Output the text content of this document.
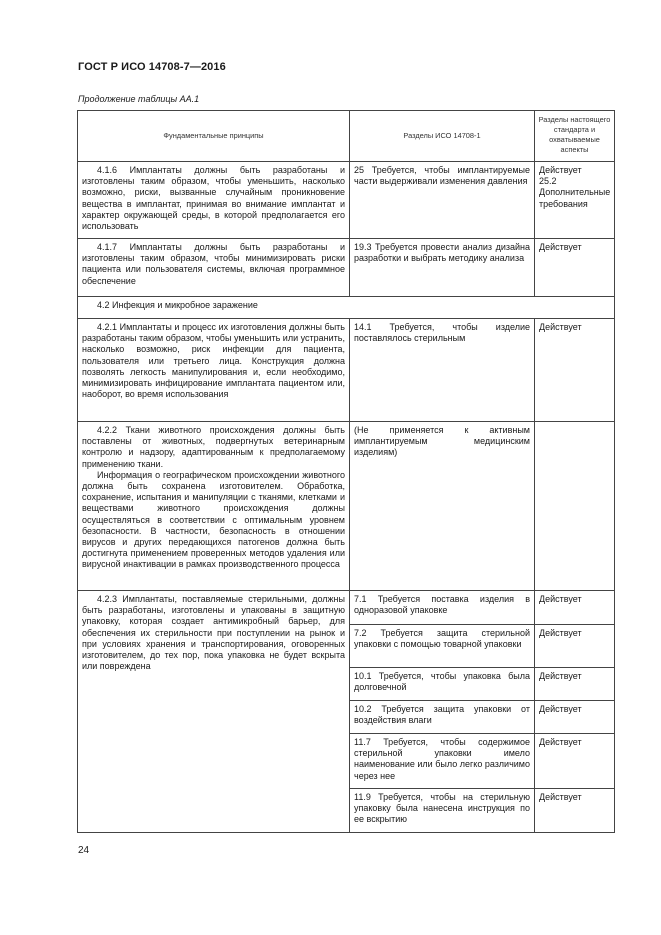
ГОСТ Р ИСО 14708-7—2016
Продолжение таблицы АА.1
Фундаментальные принципы	Разделы ИСО 14708-1	Разделы настоящего стандарта и охватываемые аспекты
4.1.6 Имплантаты должны быть разработаны и изготовлены таким образом, чтобы уменьшить, насколько возможно, риски, вызванные случайным проникновение вещества в имплантат, принимая во внимание имплантат и характер окружающей среды, в которой предполагается его использовать	25 Требуется, чтобы имплантируемые части выдерживали изменения давления	Действует
25.2 Дополнительные требования

4.1.7 Имплантаты должны быть разработаны и изготовлены таким образом, чтобы минимизировать риски пациента или пользователя системы, включая программное обеспечение	19.3 Требуется провести анализ дизайна разработки и выбрать методику анализа	Действует
4.2 Инфекция и микробное заражение		
4.2.1 Имплантаты и процесс их изготовления должны быть разработаны таким образом, чтобы уменьшить или устранить, насколько возможно, риск инфекции для пациента, пользователя или третьего лица. Конструкция должна позволять легкость манипулирования и, если необходимо, минимизировать инфицирование имплантата пациентом или, наоборот, во время использования	14.1 Требуется, чтобы изделие поставлялось стерильным	Действует

4.2.2 Ткани животного происхождения должны быть поставлены от животных, подвергнутых ветеринарным контролю и надзору, адаптированным к предполагаемому применению ткани.

Информация о географическом происхождении животного должна быть сохранена изготовителем. Обработка, сохранение, испытания и манипуляции с тканями, клетками и веществами животного происхождения должны осуществляться в соответствии с оптимальным уровнем безопасности. В частности, безопасность в отношении вирусов и других передающихся патогенов должна быть достигнута применением проверенных методов удаления или вирусной инактивации в рамках производственного процесса	(Не применяется к активным имплантируемым медицинским изделиям)	
4.2.3 Имплантаты, поставляемые стерильными, должны быть разработаны, изготовлены и упакованы в защитную упаковку, которая создает антимикробный барьер, для обеспечения их стерильности при поступлении на рынок и при условиях хранения и транспортирования, оговоренных изготовителем, до тех пор, пока упаковка не будет вскрыта или повреждена	7.1 Требуется поставка изделия в одноразовой упаковке	Действует
	7.2 Требуется защита стерильной упаковки с помощью товарной упаковки	Действует
	10.1 Требуется, чтобы упаковка была долговечной	Действует
	10.2 Требуется защита упаковки от воздействия влаги	Действует
	11.7 Требуется, чтобы содержимое стерильной упаковки имело наименование или было легко различимо через нее	Действует
	11.9 Требуется, чтобы на стерильную упаковку была нанесена инструкция по ее вскрытию	Действует
24
